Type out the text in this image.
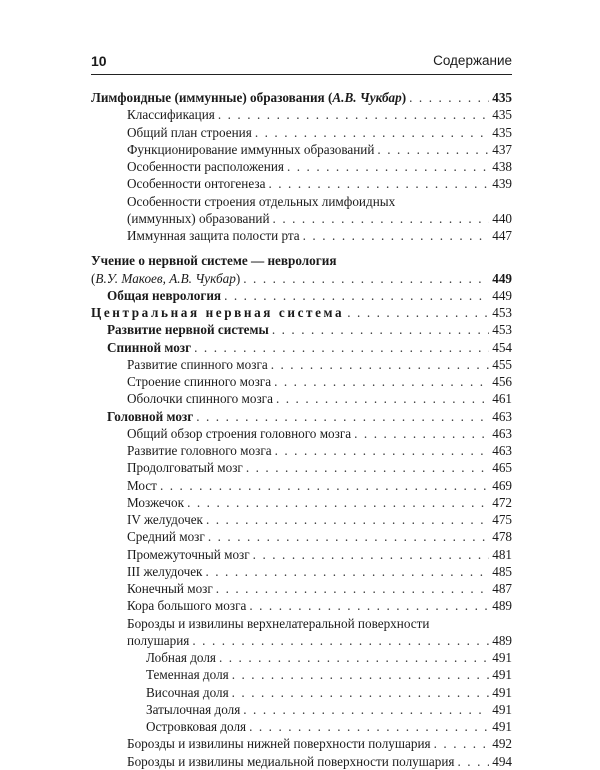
10	Содержание
Лимфоидные (иммунные) образования (А.В. Чукбар) . . .	435
Классификация . . .	435
Общий план строения . . .	435
Функционирование иммунных образований . . .	437
Особенности расположения . . .	438
Особенности онтогенеза . . .	439
Особенности строения отдельных лимфоидных
(иммунных) образований . . .	440
Иммунная защита полости рта . . .	447
Учение о нервной системе — неврология
(В.У. Макоев, А.В. Чукбар) . . .	449
Общая неврология . . .	449
Центральная нервная система . . .	453
Развитие нервной системы . . .	453
Спинной мозг . . .	454
Развитие спинного мозга . . .	455
Строение спинного мозга . . .	456
Оболочки спинного мозга . . .	461
Головной мозг . . .	463
Общий обзор строения головного мозга . . .	463
Развитие головного мозга . . .	463
Продолговатый мозг . . .	465
Мост . . .	469
Мозжечок . . .	472
IV желудочек . . .	475
Средний мозг . . .	478
Промежуточный мозг . . .	481
III желудочек . . .	485
Конечный мозг . . .	487
Кора большого мозга . . .	489
Борозды и извилины верхнелатеральной поверхности
полушария . . .	489
Лобная доля . . .	491
Теменная доля . . .	491
Височная доля . . .	491
Затылочная доля . . .	491
Островковая доля . . .	491
Борозды и извилины нижней поверхности полушария . . .	492
Борозды и извилины медиальной поверхности полушария . . .	494
